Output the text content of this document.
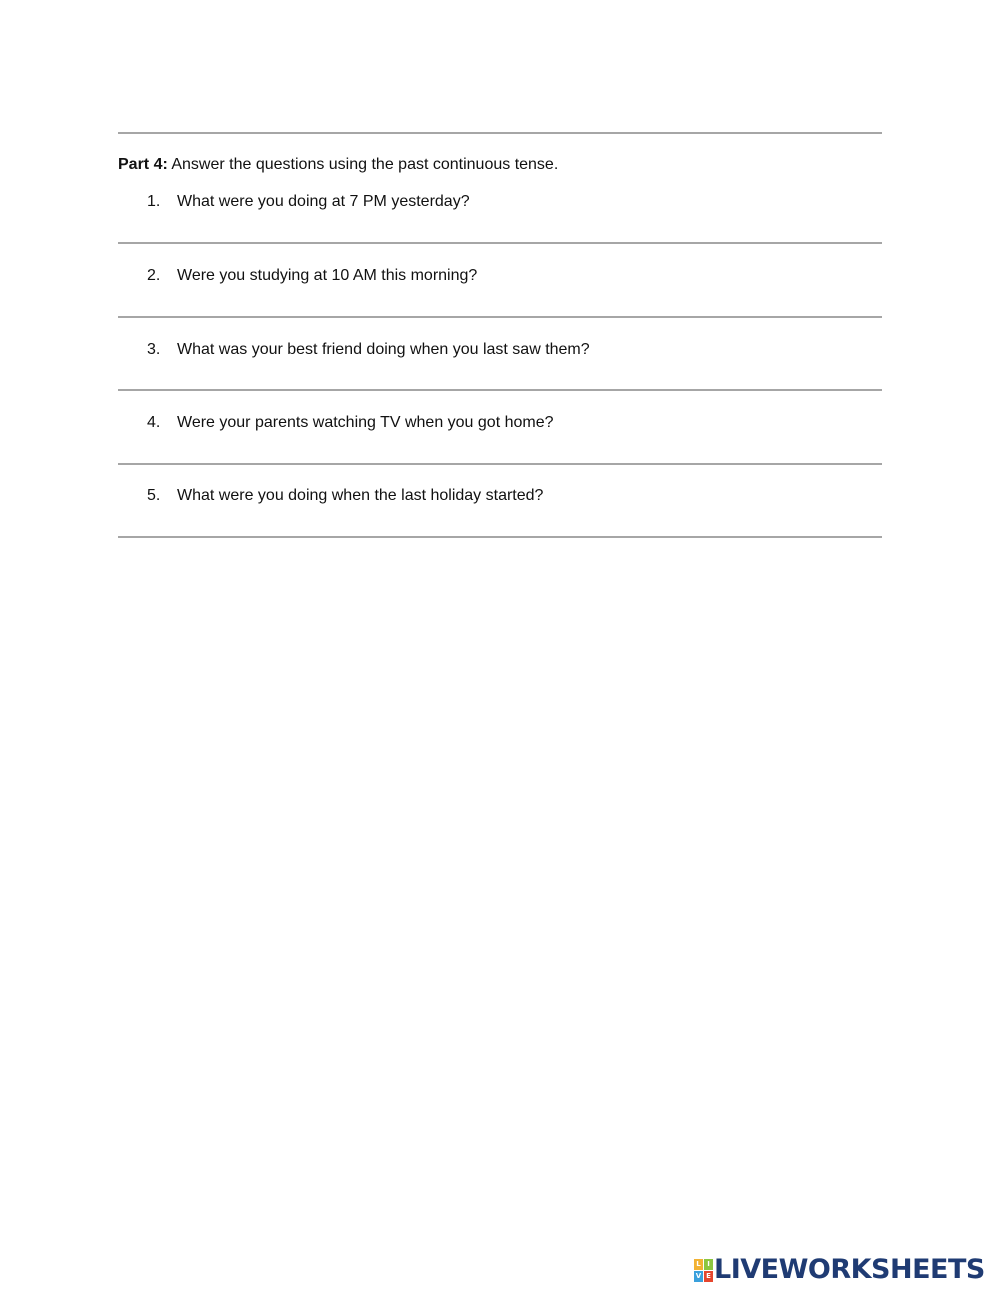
Part 4: Answer the questions using the past continuous tense.
1. What were you doing at 7 PM yesterday?
2. Were you studying at 10 AM this morning?
3. What was your best friend doing when you last saw them?
4. Were your parents watching TV when you got home?
5. What were you doing when the last holiday started?
L I
V E LIVEWORKSHEETS
